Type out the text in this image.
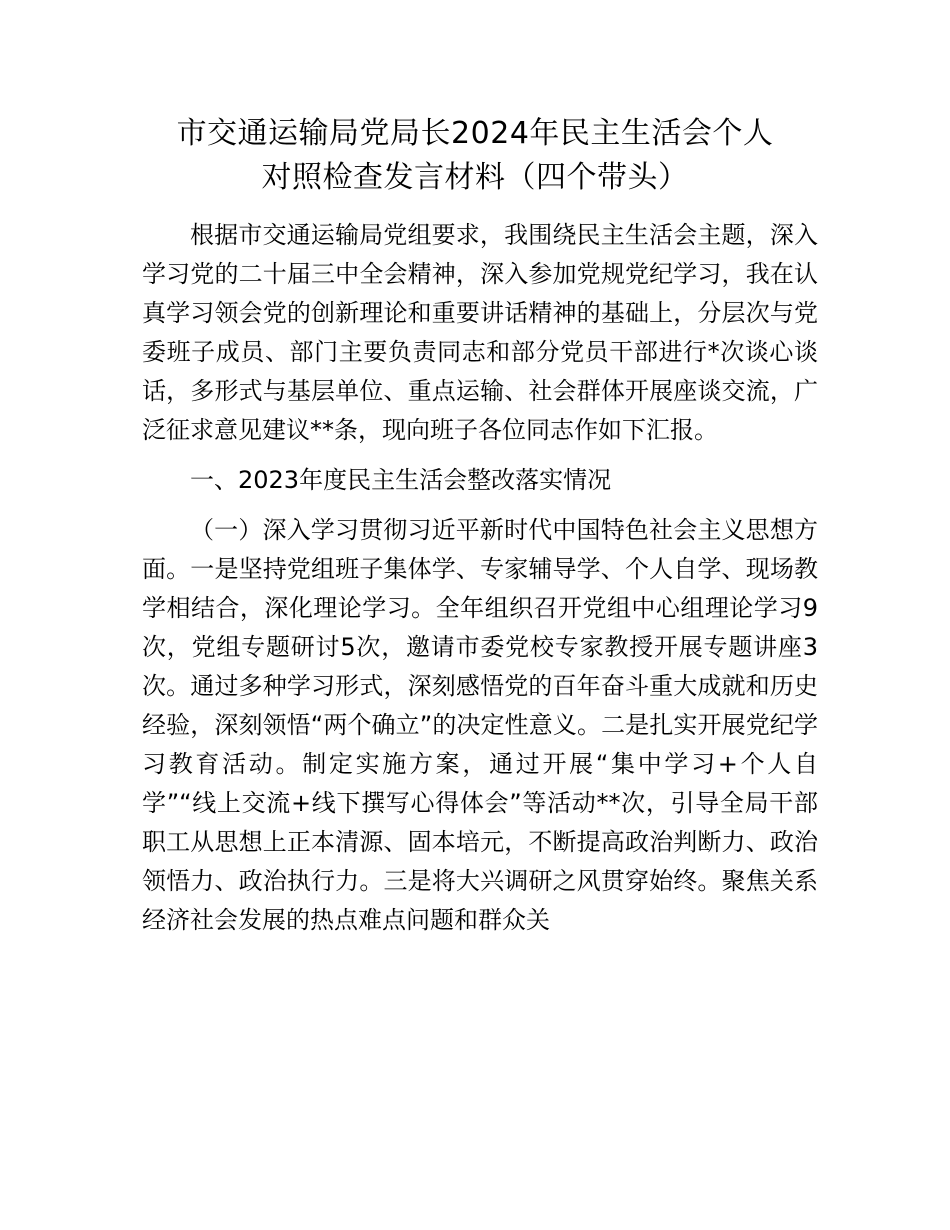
市交通运输局党局长2024年民主生活会个人
对照检查发言材料（四个带头）

根据市交通运输局党组要求，我围绕民主生活会主题，深入学习党的二十届三中全会精神，深入参加党规党纪学习，我在认真学习领会党的创新理论和重要讲话精神的基础上，分层次与党委班子成员、部门主要负责同志和部分党员干部进行*次谈心谈话，多形式与基层单位、重点运输、社会群体开展座谈交流，广泛征求意见建议**条，现向班子各位同志作如下汇报。

一、2023年度民主生活会整改落实情况

（一）深入学习贯彻习近平新时代中国特色社会主义思想方面。一是坚持党组班子集体学、专家辅导学、个人自学、现场教学相结合，深化理论学习。全年组织召开党组中心组理论学习9次，党组专题研讨5次，邀请市委党校专家教授开展专题讲座3次。通过多种学习形式，深刻感悟党的百年奋斗重大成就和历史经验，深刻领悟“两个确立”的决定性意义。二是扎实开展党纪学习教育活动。制定实施方案，通过开展“集中学习+个人自学”“线上交流+线下撰写心得体会”等活动**次，引导全局干部职工从思想上正本清源、固本培元，不断提高政治判断力、政治领悟力、政治执行力。三是将大兴调研之风贯穿始终。聚焦关系经济社会发展的热点难点问题和群众关
